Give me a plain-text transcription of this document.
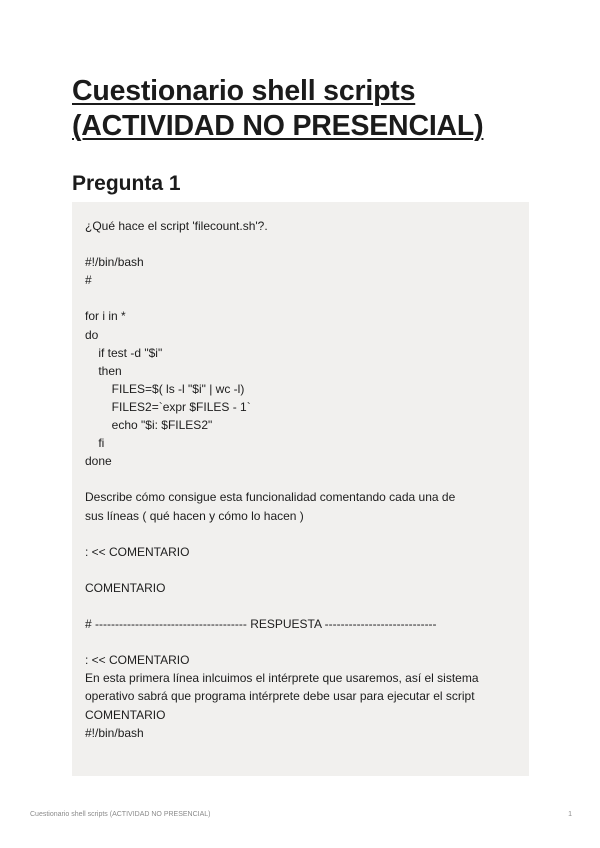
Cuestionario shell scripts
(ACTIVIDAD NO PRESENCIAL)
Pregunta 1
¿Qué hace el script 'filecount.sh'?.
#!/bin/bash
#
for i in *
do
if test -d "$i"
then
FILES=$( ls -l "$i" | wc -l)
FILES2=`expr $FILES - 1`
echo "$i: $FILES2"
fi
done
Describe cómo consigue esta funcionalidad comentando cada una de
sus líneas ( qué hacen y cómo lo hacen )
: << COMENTARIO
COMENTARIO
# -------------------------------------- RESPUESTA ----------------------------
: << COMENTARIO
En esta primera línea inlcuimos el intérprete que usaremos, así el sistema
operativo sabrá que programa intérprete debe usar para ejecutar el script
COMENTARIO
#!/bin/bash
Cuestionario shell scripts (ACTIVIDAD NO PRESENCIAL)	1
